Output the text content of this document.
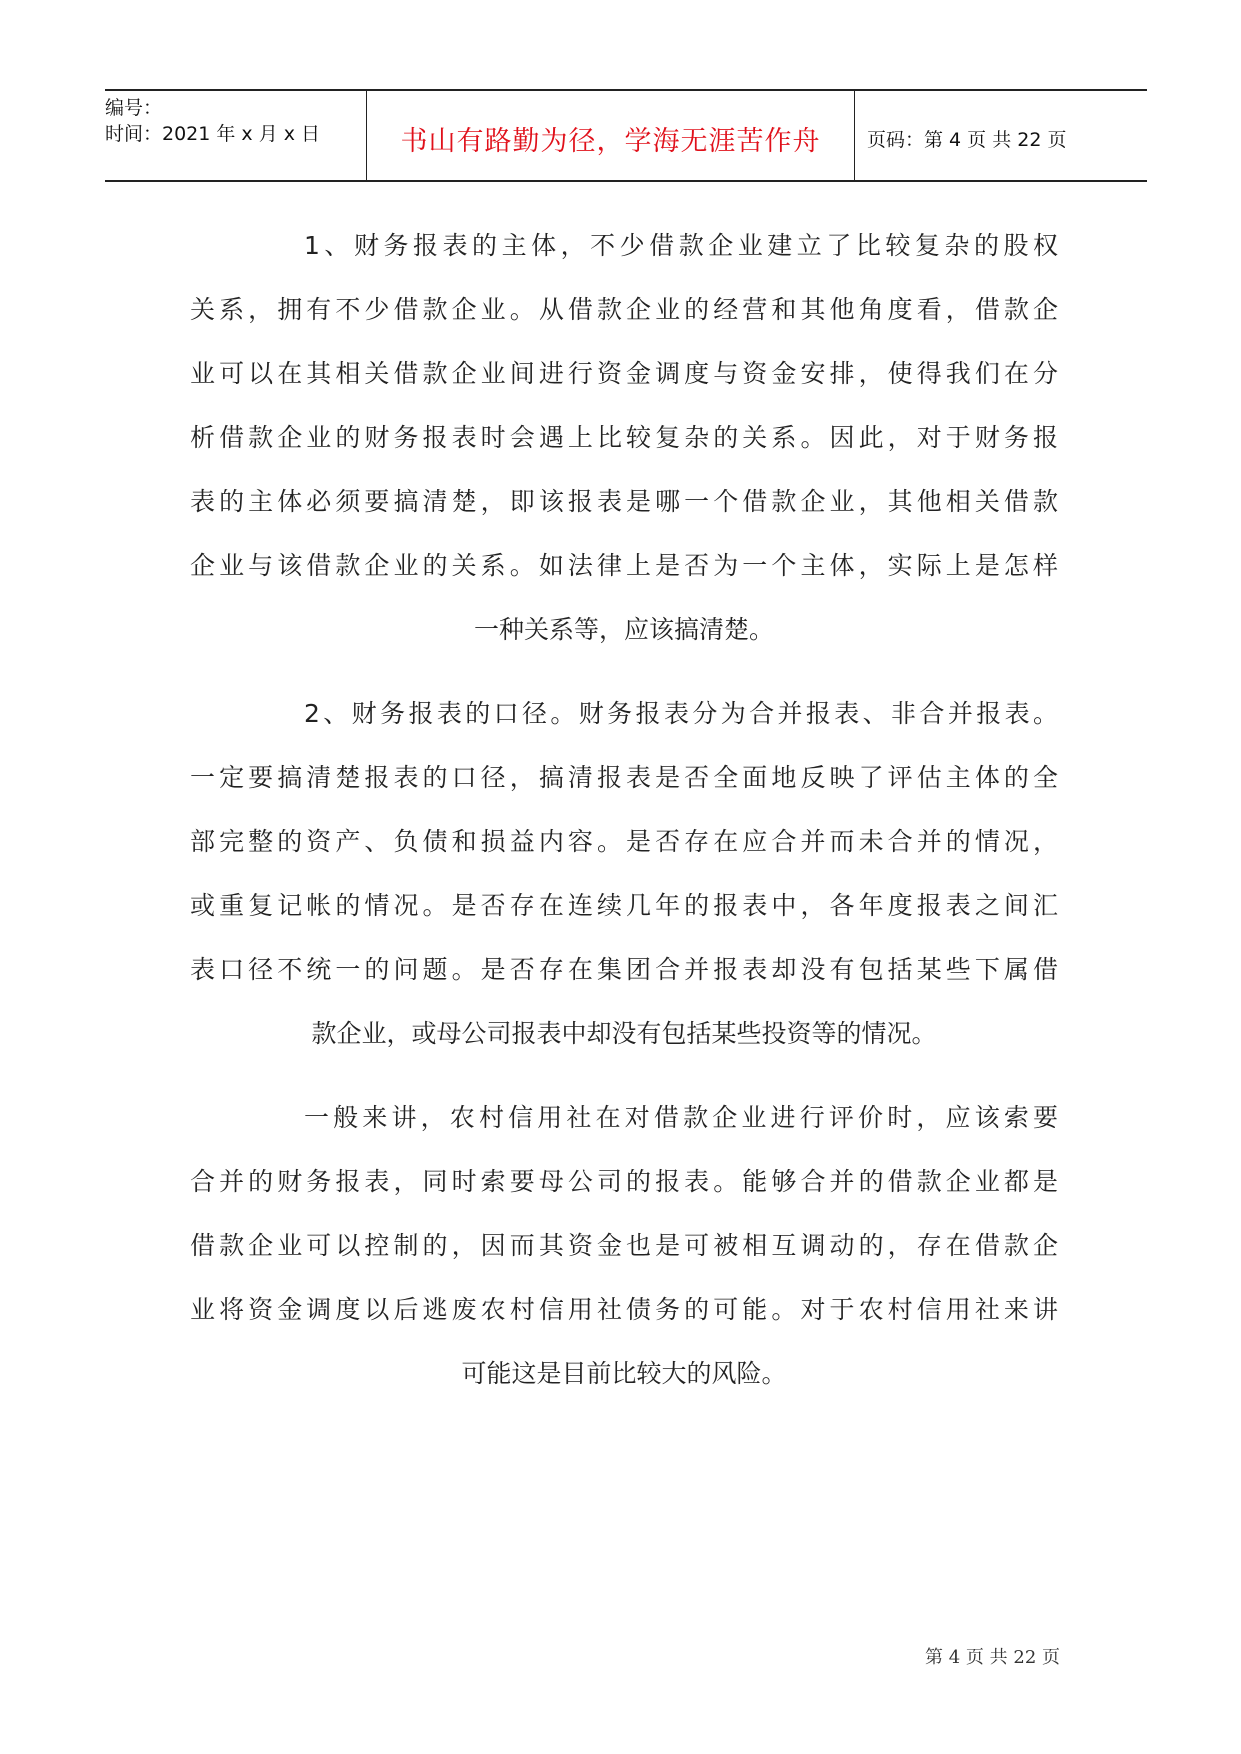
编号：
时间：2021 年 x 月 x 日	书山有路勤为径，学海无涯苦作舟	页码：第 4 页 共 22 页
1、财务报表的主体，不少借款企业建立了比较复杂的股权
关系，拥有不少借款企业。从借款企业的经营和其他角度看，借款企
业可以在其相关借款企业间进行资金调度与资金安排，使得我们在分
析借款企业的财务报表时会遇上比较复杂的关系。因此，对于财务报
表的主体必须要搞清楚，即该报表是哪一个借款企业，其他相关借款
企业与该借款企业的关系。如法律上是否为一个主体，实际上是怎样
一种关系等，应该搞清楚。
2、财务报表的口径。财务报表分为合并报表、非合并报表。
一定要搞清楚报表的口径，搞清报表是否全面地反映了评估主体的全
部完整的资产、负债和损益内容。是否存在应合并而未合并的情况，
或重复记帐的情况。是否存在连续几年的报表中，各年度报表之间汇
表口径不统一的问题。是否存在集团合并报表却没有包括某些下属借
款企业，或母公司报表中却没有包括某些投资等的情况。
一般来讲，农村信用社在对借款企业进行评价时，应该索要
合并的财务报表，同时索要母公司的报表。能够合并的借款企业都是
借款企业可以控制的，因而其资金也是可被相互调动的，存在借款企
业将资金调度以后逃废农村信用社债务的可能。对于农村信用社来讲
可能这是目前比较大的风险。
第 4 页 共 22 页
